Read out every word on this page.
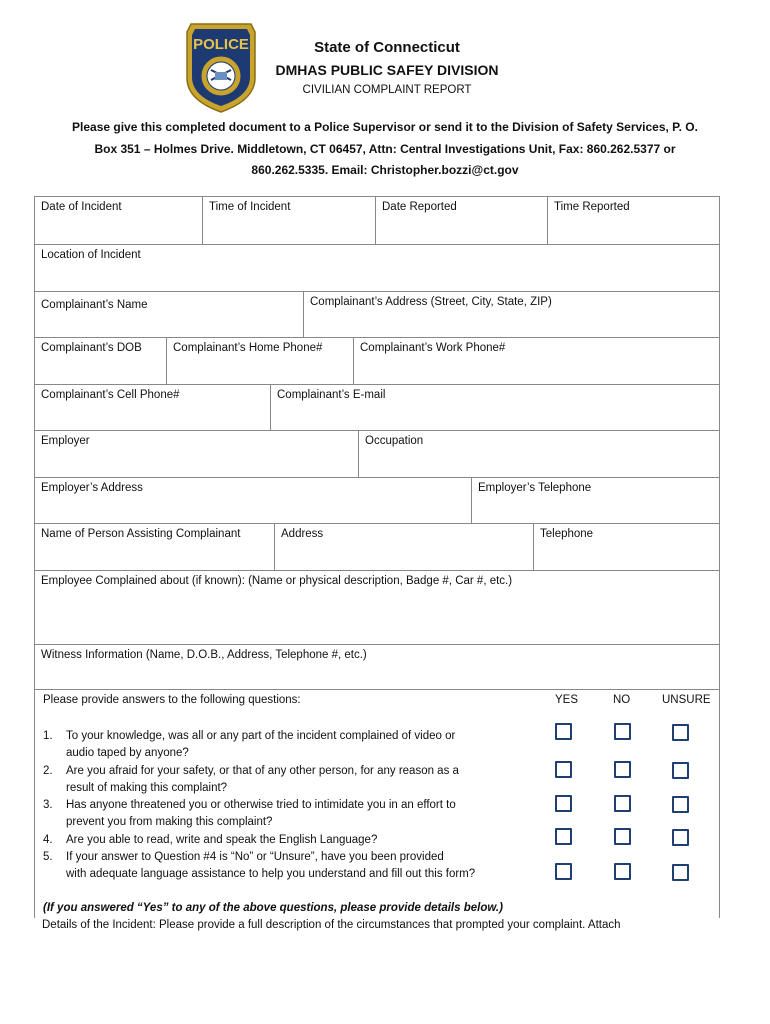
POLICE	State of Connecticut
DMHAS PUBLIC SAFEY DIVISION
CIVILIAN COMPLAINT REPORT
Please give this completed document to a Police Supervisor or send it to the Division of Safety Services, P. O.
Box 351 – Holmes Drive. Middletown, CT 06457, Attn: Central Investigations Unit, Fax: 860.262.5377 or
860.262.5335. Email: Christopher.bozzi@ct.gov
Date of Incident	Time of Incident	Date Reported	Time Reported
Location of Incident
Complainant’s Name	Complainant’s Address (Street, City, State, ZIP)
Complainant’s DOB	Complainant’s Home Phone#	Complainant’s Work Phone#
Complainant’s Cell Phone#	Complainant’s E-mail
Employer	Occupation
Employer’s Address	Employer’s Telephone
Name of Person Assisting Complainant	Address	Telephone
Employee Complained about (if known): (Name or physical description, Badge #, Car #, etc.)
Witness Information (Name, D.O.B., Address, Telephone #, etc.)
Please provide answers to the following questions:	YES	NO	UNSURE
1.	To your knowledge, was all or any part of the incident complained of video or
audio taped by anyone?
2.	Are you afraid for your safety, or that of any other person, for any reason as a
result of making this complaint?
3.	Has anyone threatened you or otherwise tried to intimidate you in an effort to
prevent you from making this complaint?
4.	Are you able to read, write and speak the English Language?
5.	If your answer to Question #4 is “No” or “Unsure”, have you been provided
with adequate language assistance to help you understand and fill out this form?
(If you answered “Yes” to any of the above questions, please provide details below.)
Details of the Incident: Please provide a full description of the circumstances that prompted your complaint. Attach
